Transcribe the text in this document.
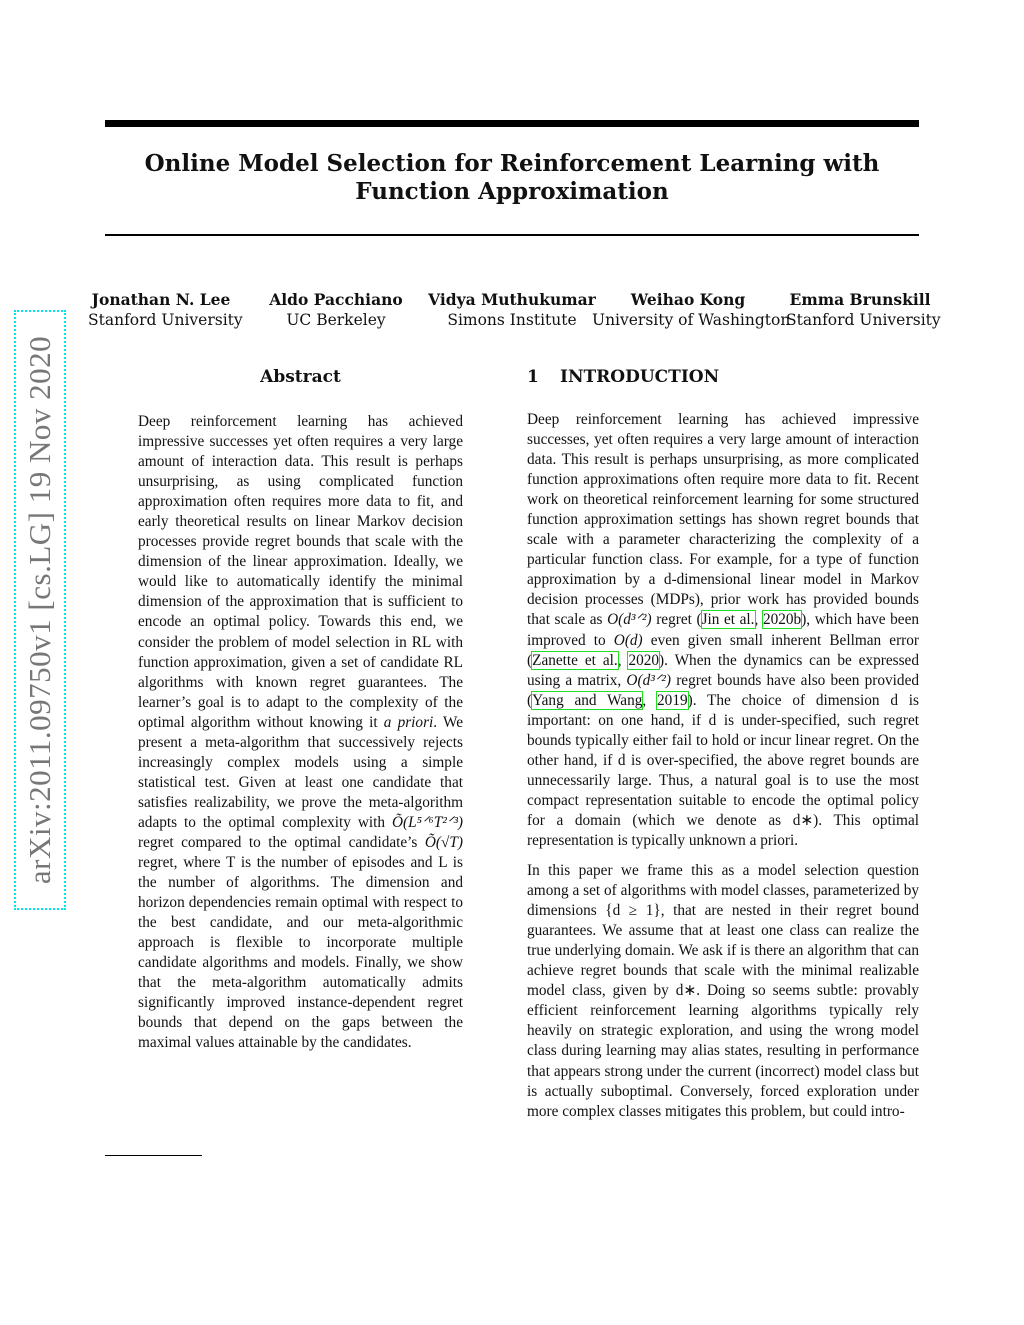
arXiv:2011.09750v1 [cs.LG] 19 Nov 2020
Online Model Selection for Reinforcement Learning with Function Approximation
Jonathan N. Lee
Stanford University
Aldo Pacchiano
UC Berkeley
Vidya Muthukumar
Simons Institute
Weihao Kong
University of Washington
Emma Brunskill
Stanford University
Abstract
Deep reinforcement learning has achieved impressive successes yet often requires a very large amount of interaction data. This result is perhaps unsurprising, as using complicated function approximation often requires more data to fit, and early theoretical results on linear Markov decision processes provide regret bounds that scale with the dimension of the linear approximation. Ideally, we would like to automatically identify the minimal dimension of the approximation that is sufficient to encode an optimal policy. Towards this end, we consider the problem of model selection in RL with function approximation, given a set of candidate RL algorithms with known regret guarantees. The learner’s goal is to adapt to the complexity of the optimal algorithm without knowing it a priori. We present a meta-algorithm that successively rejects increasingly complex models using a simple statistical test. Given at least one candidate that satisfies realizability, we prove the meta-algorithm adapts to the optimal complexity with Õ(L⁵ᐟ⁶T²ᐟ³) regret compared to the optimal candidate’s Õ(√T) regret, where T is the number of episodes and L is the number of algorithms. The dimension and horizon dependencies remain optimal with respect to the best candidate, and our meta-algorithmic approach is flexible to incorporate multiple candidate algorithms and models. Finally, we show that the meta-algorithm automatically admits significantly improved instance-dependent regret bounds that depend on the gaps between the maximal values attainable by the candidates.
1 INTRODUCTION

Deep reinforcement learning has achieved impressive successes, yet often requires a very large amount of interaction data. This result is perhaps unsurprising, as more complicated function approximations often require more data to fit. Recent work on theoretical reinforcement learning for some structured function approximation settings has shown regret bounds that scale with a parameter characterizing the complexity of a particular function class. For example, for a type of function approximation by a d-dimensional linear model in Markov decision processes (MDPs), prior work has provided bounds that scale as O(d³ᐟ²) regret (Jin et al., 2020b), which have been improved to O(d) even given small inherent Bellman error (Zanette et al., 2020). When the dynamics can be expressed using a matrix, O(d³ᐟ²) regret bounds have also been provided (Yang and Wang, 2019). The choice of dimension d is important: on one hand, if d is under-specified, such regret bounds typically either fail to hold or incur linear regret. On the other hand, if d is over-specified, the above regret bounds are unnecessarily large. Thus, a natural goal is to use the most compact representation suitable to encode the optimal policy for a domain (which we denote as d∗). This optimal representation is typically unknown a priori.

In this paper we frame this as a model selection question among a set of algorithms with model classes, parameterized by dimensions {d ≥ 1}, that are nested in their regret bound guarantees. We assume that at least one class can realize the true underlying domain. We ask if is there an algorithm that can achieve regret bounds that scale with the minimal realizable model class, given by d∗. Doing so seems subtle: provably efficient reinforcement learning algorithms typically rely heavily on strategic exploration, and using the wrong model class during learning may alias states, resulting in performance that appears strong under the current (incorrect) model class but is actually suboptimal. Conversely, forced exploration under more complex classes mitigates this problem, but could intro-
